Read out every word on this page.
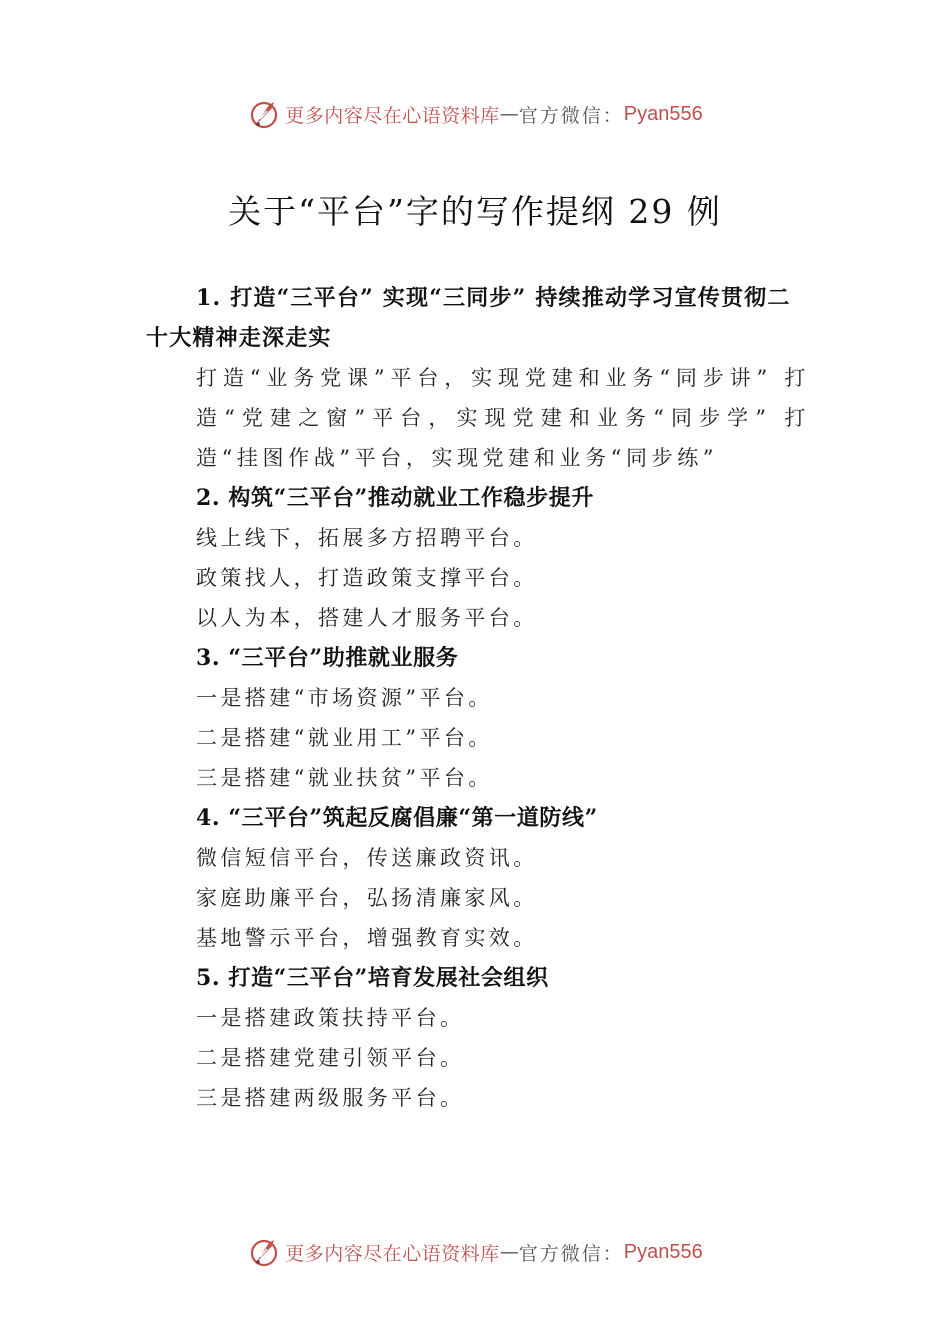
更多内容尽在心语资料库 — 官方微信： Pyan556
关于“平台”字的写作提纲 29 例
1. 打造“三平台” 实现“三同步” 持续推动学习宣传贯彻二十大精神走深走实
打造“业务党课”平台，实现党建和业务“同步讲” 打造“党建之窗”平台，实现党建和业务“同步学” 打造“挂图作战”平台，实现党建和业务“同步练”
2. 构筑“三平台”推动就业工作稳步提升
线上线下，拓展多方招聘平台。
政策找人，打造政策支撑平台。
以人为本，搭建人才服务平台。
3. “三平台”助推就业服务
一是搭建“市场资源”平台。
二是搭建“就业用工”平台。
三是搭建“就业扶贫”平台。
4. “三平台”筑起反腐倡廉“第一道防线”
微信短信平台，传送廉政资讯。
家庭助廉平台，弘扬清廉家风。
基地警示平台，增强教育实效。
5. 打造“三平台”培育发展社会组织
一是搭建政策扶持平台。
二是搭建党建引领平台。
三是搭建两级服务平台。
更多内容尽在心语资料库 — 官方微信： Pyan556
